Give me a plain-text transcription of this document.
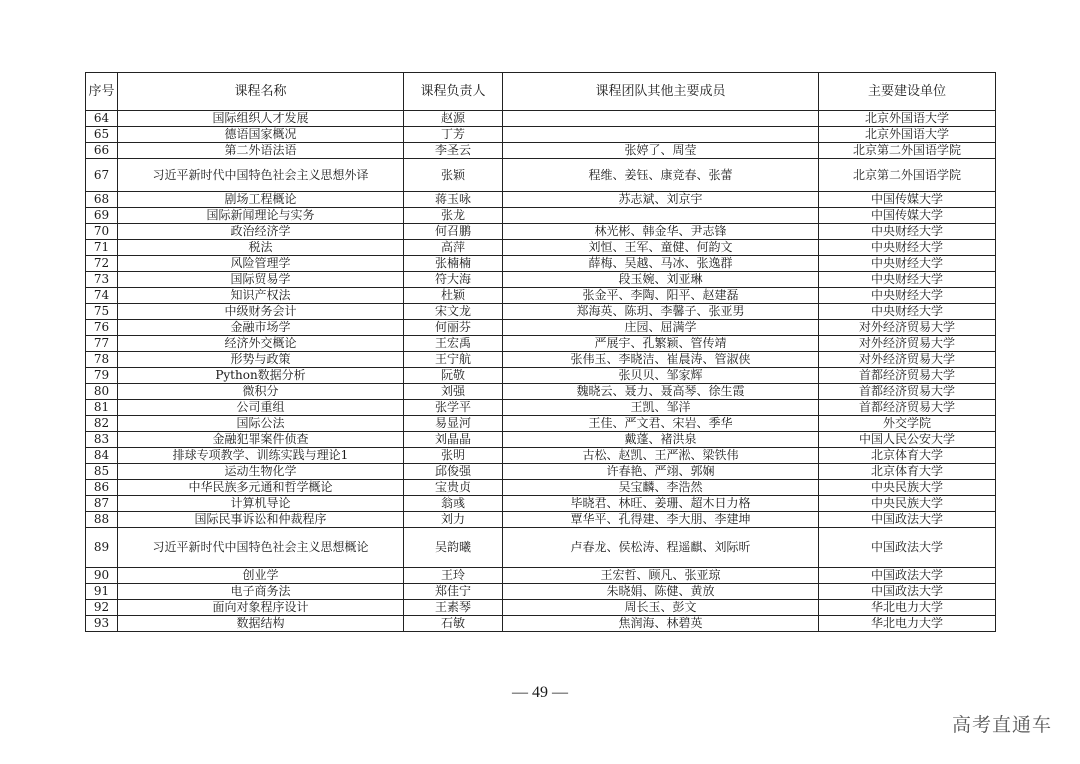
序号	课程名称	课程负责人	课程团队其他主要成员	主要建设单位
64	国际组织人才发展	赵源		北京外国语大学
65	德语国家概况	丁芳		北京外国语大学
66	第二外语法语	李圣云	张婷了、周莹	北京第二外国语学院
67	习近平新时代中国特色社会主义思想外译	张颖	程维、姜钰、康竞春、张蕾	北京第二外国语学院
68	剧场工程概论	蒋玉咏	苏志斌、刘京宇	中国传媒大学
69	国际新闻理论与实务	张龙		中国传媒大学
70	政治经济学	何召鹏	林光彬、韩金华、尹志锋	中央财经大学
71	税法	高萍	刘恒、王军、童健、何韵文	中央财经大学
72	风险管理学	张楠楠	薛梅、吴越、马冰、张逸群	中央财经大学
73	国际贸易学	符大海	段玉婉、刘亚琳	中央财经大学
74	知识产权法	杜颖	张金平、李陶、阳平、赵建磊	中央财经大学
75	中级财务会计	宋文龙	郑海英、陈玥、李馨子、张亚男	中央财经大学
76	金融市场学	何丽芬	庄园、屈满学	对外经济贸易大学
77	经济外交概论	王宏禹	严展宇、孔繁颖、管传靖	对外经济贸易大学
78	形势与政策	王宁航	张伟玉、李晓洁、崔晨涛、管淑侠	对外经济贸易大学
79	Python数据分析	阮敬	张贝贝、邹家辉	首都经济贸易大学
80	微积分	刘强	魏晓云、聂力、聂高琴、徐生霞	首都经济贸易大学
81	公司重组	张学平	王凯、邹洋	首都经济贸易大学
82	国际公法	易显河	王佳、严文君、宋岩、季华	外交学院
83	金融犯罪案件侦查	刘晶晶	戴蓬、褚洪泉	中国人民公安大学
84	排球专项教学、训练实践与理论1	张明	古松、赵凯、王严淞、梁铁伟	北京体育大学
85	运动生物化学	邱俊强	许春艳、严翊、郭娴	北京体育大学
86	中华民族多元通和哲学概论	宝贵贞	吴宝麟、李浩然	中央民族大学
87	计算机导论	翁彧	毕晓君、林旺、姜珊、超木日力格	中央民族大学
88	国际民事诉讼和仲裁程序	刘力	覃华平、孔得建、李大朋、李建坤	中国政法大学
89	习近平新时代中国特色社会主义思想概论	吴韵曦	卢春龙、侯松涛、程遥麒、刘际昕	中国政法大学
90	创业学	王玲	王宏哲、顾凡、张亚琼	中国政法大学
91	电子商务法	郑佳宁	朱晓娟、陈健、黄放	中国政法大学
92	面向对象程序设计	王素琴	周长玉、彭文	华北电力大学
93	数据结构	石敏	焦润海、林碧英	华北电力大学
— 49 —
高考直通车
